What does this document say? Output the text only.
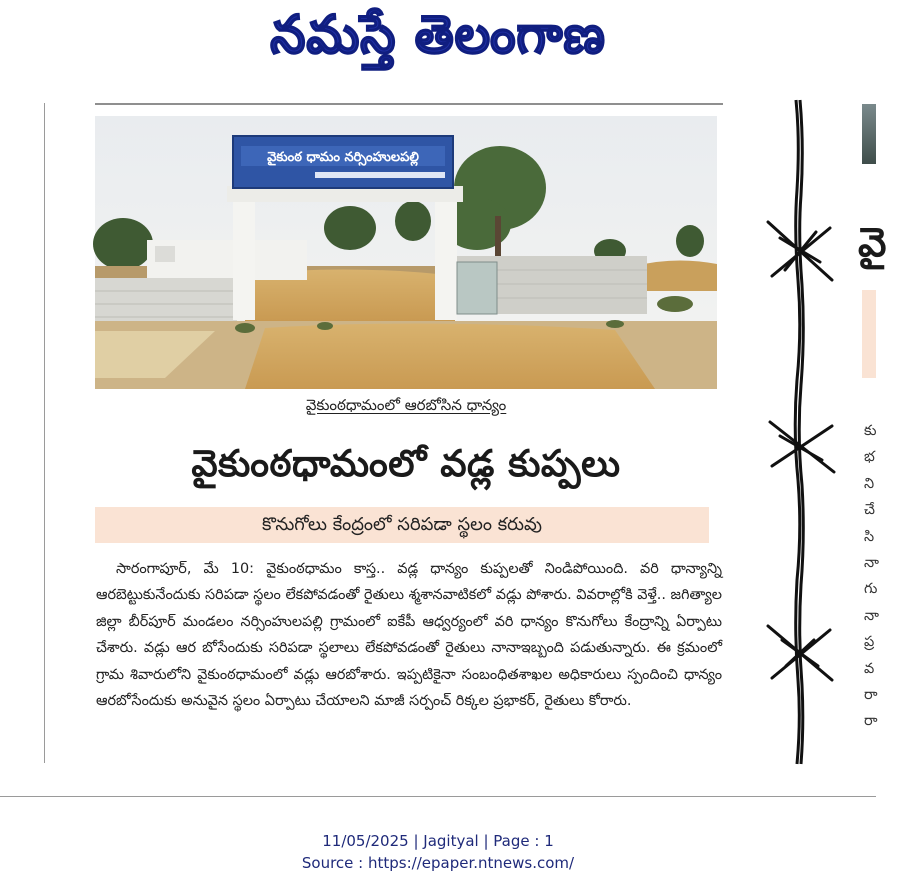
నమస్తే తెలంగాణ
వైకుంఠ ధామం నర్సింహులపల్లి
వైకుంఠధామంలో ఆరబోసిన ధాన్యం
వైకుంఠధామంలో వడ్ల కుప్పలు
కొనుగోలు కేంద్రంలో సరిపడా స్థలం కరువు

సారంగాపూర్, మే 10: వైకుంఠధామం కాస్త.. వడ్ల ధాన్యం కుప్పలతో నిండిపోయింది. వరి ధాన్యాన్ని ఆరబెట్టుకునేందుకు సరిపడా స్థలం లేకపోవడంతో రైతులు శ్మశానవాటికలో వడ్లు పోశారు. వివరాల్లోకి వెళ్తే.. జగిత్యాల జిల్లా బీర్‌పూర్ మండలం నర్సింహులపల్లి గ్రామంలో ఐకేపీ ఆధ్వర్యంలో వరి ధాన్యం కొనుగోలు కేంద్రాన్ని ఏర్పాటు చేశారు. వడ్లు ఆర బోసేందుకు సరిపడా స్థలాలు లేకపోవడంతో రైతులు నానాఇబ్బంది పడుతున్నారు. ఈ క్రమంలో గ్రామ శివారులోని వైకుంఠధామంలో వడ్లు ఆరబోశారు. ఇప్పటికైనా సంబంధితశాఖల అధికారులు స్పందించి ధాన్యం ఆరబోసేందుకు అనువైన స్థలం ఏర్పాటు చేయాలని మాజీ సర్పంచ్ రిక్కల ప్రభాకర్, రైతులు కోరారు.

వై
కు
భ
ని
చే
సి
నా
గు
నా
ప్ర
వ
రా
రా
11/05/2025 | Jagityal | Page : 1
Source : https://epaper.ntnews.com/
